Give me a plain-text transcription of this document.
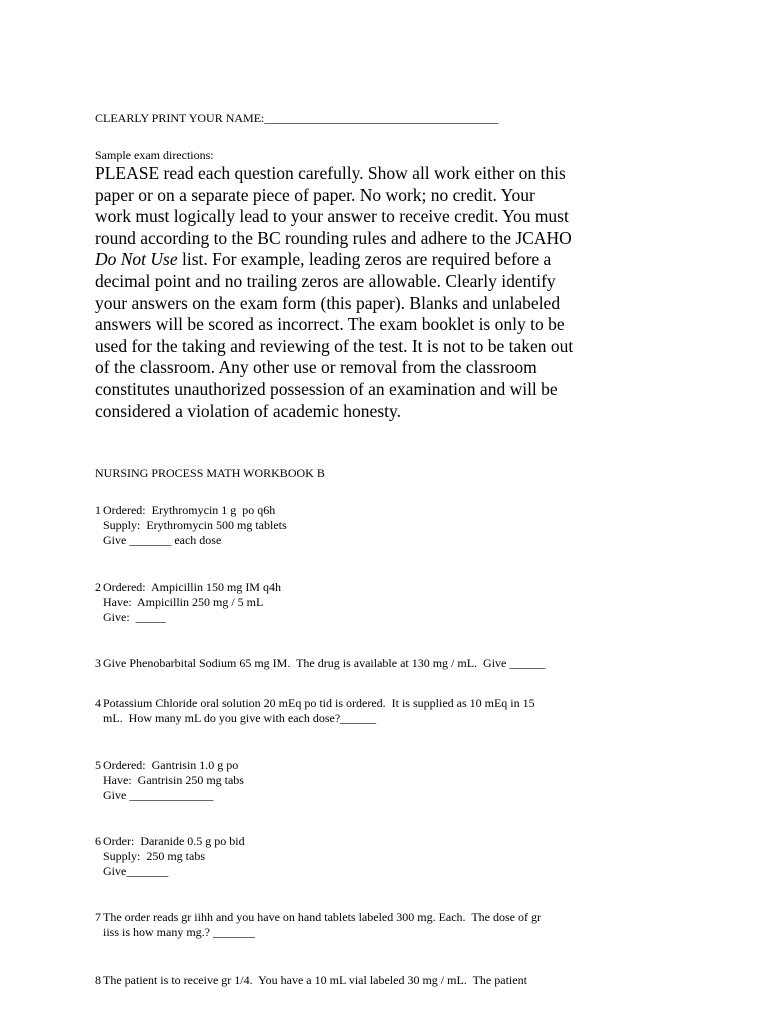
CLEARLY PRINT YOUR NAME:_______________________________________
Sample exam directions:
PLEASE read each question carefully. Show all work either on this paper or on a separate piece of paper. No work; no credit. Your work must logically lead to your answer to receive credit. You must round according to the BC rounding rules and adhere to the JCAHO Do Not Use list. For example, leading zeros are required before a decimal point and no trailing zeros are allowable. Clearly identify your answers on the exam form (this paper). Blanks and unlabeled answers will be scored as incorrect. The exam booklet is only to be used for the taking and reviewing of the test. It is not to be taken out of the classroom. Any other use or removal from the classroom constitutes unauthorized possession of an examination and will be considered a violation of academic honesty.
NURSING PROCESS MATH WORKBOOK B
1 Ordered:  Erythromycin 1 g  po q6h
Supply:  Erythromycin 500 mg tablets
Give _______ each dose
2 Ordered:  Ampicillin 150 mg IM q4h
Have:  Ampicillin 250 mg / 5 mL
Give:  _____
3 Give Phenobarbital Sodium 65 mg IM.  The drug is available at 130 mg / mL.  Give ______
4 Potassium Chloride oral solution 20 mEq po tid is ordered.  It is supplied as 10 mEq in 15
mL.  How many mL do you give with each dose?______
5 Ordered:  Gantrisin 1.0 g po
Have:  Gantrisin 250 mg tabs
Give ______________
6 Order:  Daranide 0.5 g po bid
Supply:  250 mg tabs
Give_______
7 The order reads gr iihh and you have on hand tablets labeled 300 mg. Each.  The dose of gr
iiss is how many mg.? _______
8 The patient is to receive gr 1/4.  You have a 10 mL vial labeled 30 mg / mL.  The patient
